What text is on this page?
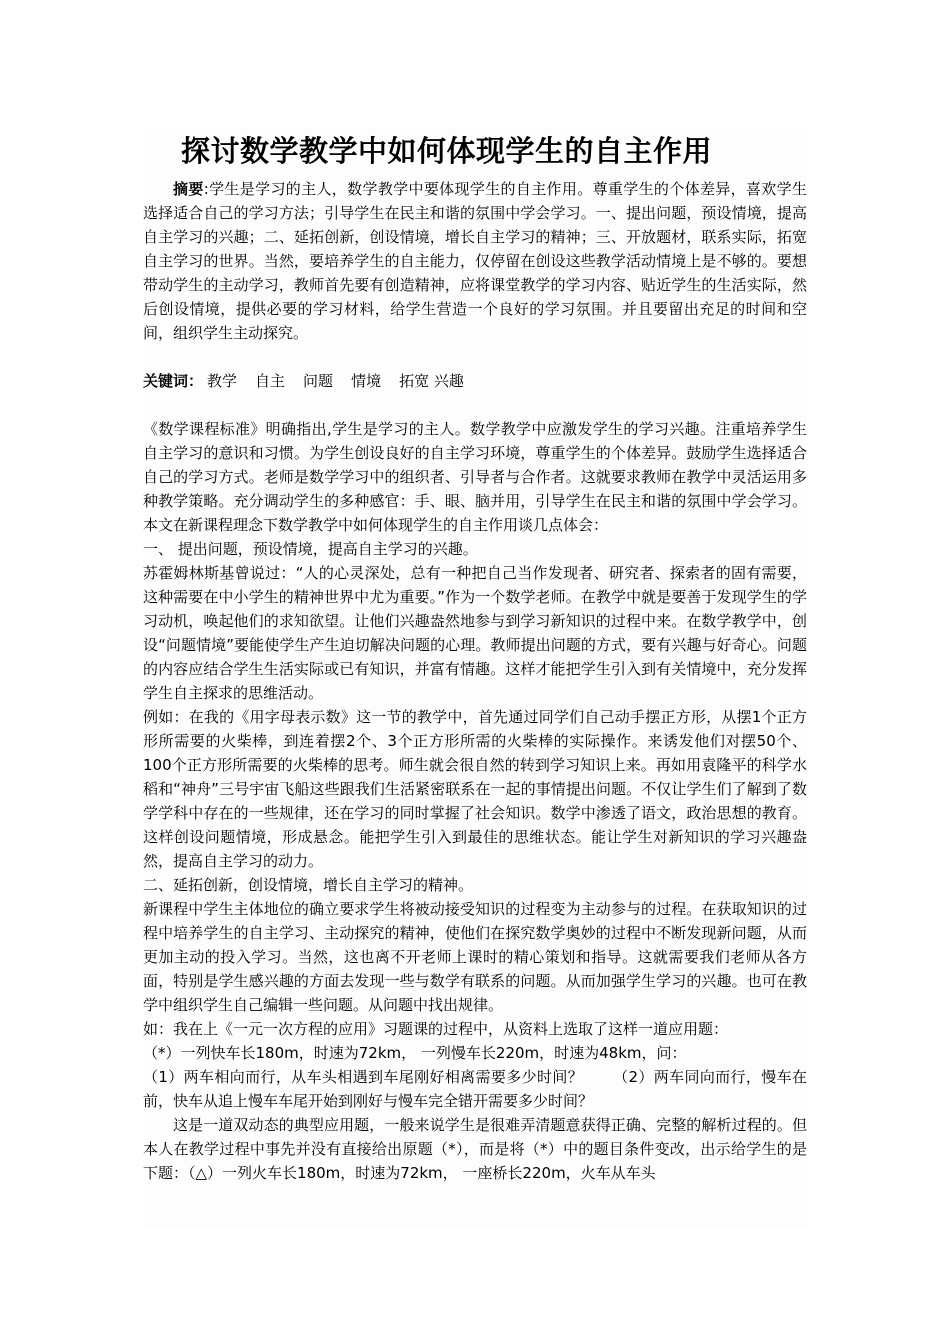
探讨数学教学中如何体现学生的自主作用

摘要:学生是学习的主人，数学教学中要体现学生的自主作用。尊重学生的个体差异，喜欢学生选择适合自己的学习方法；引导学生在民主和谐的氛围中学会学习。一、提出问题，预设情境，提高自主学习的兴趣；二、延拓创新，创设情境，增长自主学习的精神；三、开放题材，联系实际，拓宽自主学习的世界。当然，要培养学生的自主能力，仅停留在创设这些教学活动情境上是不够的。要想带动学生的主动学习，教师首先要有创造精神，应将课堂教学的学习内容、贴近学生的生活实际，然后创设情境，提供必要的学习材料，给学生营造一个良好的学习氛围。并且要留出充足的时间和空间，组织学生主动探究。

关键词： 教学 自主 问题 情境 拓宽 兴趣

《数学课程标准》明确指出,学生是学习的主人。数学教学中应激发学生的学习兴趣。注重培养学生自主学习的意识和习惯。为学生创设良好的自主学习环境，尊重学生的个体差异。鼓励学生选择适合自己的学习方式。老师是数学学习中的组织者、引导者与合作者。这就要求教师在教学中灵活运用多种教学策略。充分调动学生的多种感官：手、眼、脑并用，引导学生在民主和谐的氛围中学会学习。本文在新课程理念下数学教学中如何体现学生的自主作用谈几点体会：

一、 提出问题，预设情境，提高自主学习的兴趣。

苏霍姆林斯基曾说过：“人的心灵深处，总有一种把自己当作发现者、研究者、探索者的固有需要，这种需要在中小学生的精神世界中尤为重要。”作为一个数学老师。在教学中就是要善于发现学生的学习动机，唤起他们的求知欲望。让他们兴趣盎然地参与到学习新知识的过程中来。在数学教学中，创设“问题情境”要能使学生产生迫切解决问题的心理。教师提出问题的方式，要有兴趣与好奇心。问题的内容应结合学生生活实际或已有知识，并富有情趣。这样才能把学生引入到有关情境中，充分发挥学生自主探求的思维活动。

例如：在我的《用字母表示数》这一节的教学中，首先通过同学们自己动手摆正方形，从摆1个正方形所需要的火柴棒，到连着摆2个、3个正方形所需的火柴棒的实际操作。来诱发他们对摆50个、100个正方形所需要的火柴棒的思考。师生就会很自然的转到学习知识上来。再如用袁隆平的科学水稻和“神舟”三号宇宙飞船这些跟我们生活紧密联系在一起的事情提出问题。不仅让学生们了解到了数学学科中存在的一些规律，还在学习的同时掌握了社会知识。数学中渗透了语文，政治思想的教育。这样创设问题情境，形成悬念。能把学生引入到最佳的思维状态。能让学生对新知识的学习兴趣盎然，提高自主学习的动力。

二、延拓创新，创设情境，增长自主学习的精神。

新课程中学生主体地位的确立要求学生将被动接受知识的过程变为主动参与的过程。在获取知识的过程中培养学生的自主学习、主动探究的精神，使他们在探究数学奥妙的过程中不断发现新问题，从而更加主动的投入学习。当然，这也离不开老师上课时的精心策划和指导。这就需要我们老师从各方面，特别是学生感兴趣的方面去发现一些与数学有联系的问题。从而加强学生学习的兴趣。也可在教学中组织学生自己编辑一些问题。从问题中找出规律。

如：我在上《一元一次方程的应用》习题课的过程中，从资料上选取了这样一道应用题：

（*）一列快车长180m，时速为72km， 一列慢车长220m，时速为48km，问：

（1）两车相向而行，从车头相遇到车尾刚好相离需要多少时间？ （2）两车同向而行，慢车在前，快车从追上慢车车尾开始到刚好与慢车完全错开需要多少时间？

这是一道双动态的典型应用题，一般来说学生是很难弄清题意获得正确、完整的解析过程的。但本人在教学过程中事先并没有直接给出原题（*），而是将（*）中的题目条件变改，出示给学生的是下题：（△）一列火车长180m，时速为72km， 一座桥长220m，火车从车头
